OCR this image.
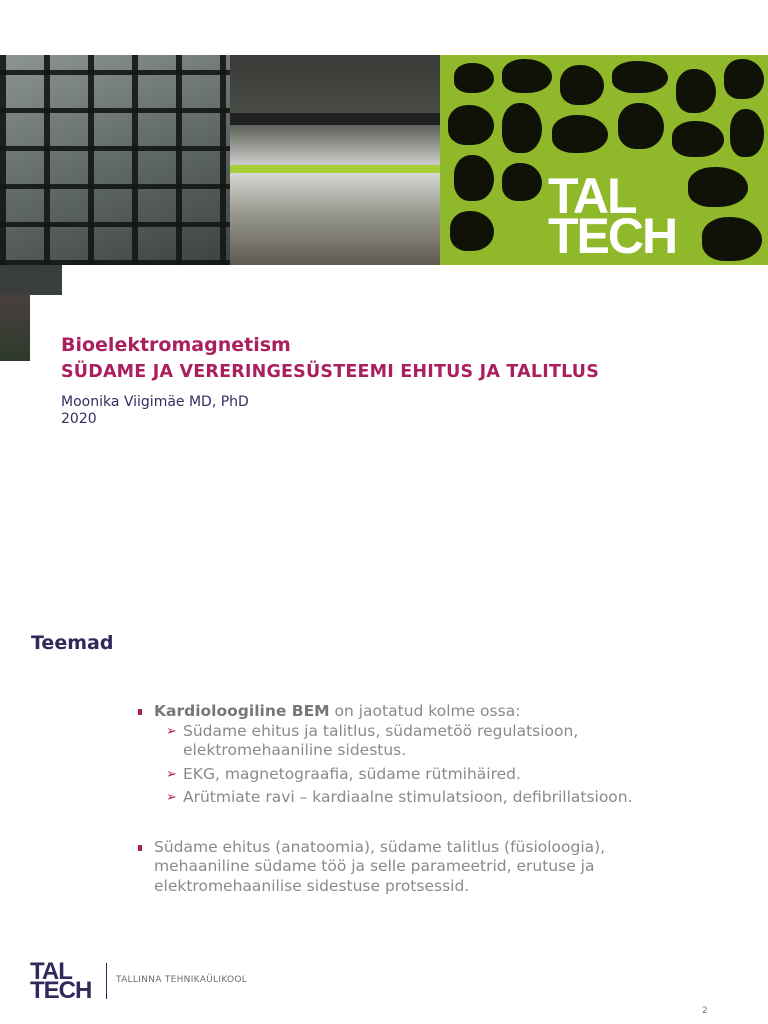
TAL
TECH

Bioelektromagnetism

SÜDAME JA VERERINGESÜSTEEMI EHITUS JA TALITLUS

Moonika Viigimäe MD, PhD

2020

Teemad
Kardioloogiline BEM on jaotatud kolme ossa:
➢ Südame ehitus ja talitlus, südametöö regulatsioon, elektromehaaniline sidestus.
➢ EKG, magnetograafia, südame rütmihäired.
➢ Arütmiate ravi – kardiaalne stimulatsioon, defibrillatsioon.
Südame ehitus (anatoomia), südame talitlus (füsioloogia), mehaaniline südame töö ja selle parameetrid, erutuse ja elektromehaanilise sidestuse protsessid.
TAL
TECH	TALLINNA TEHNIKAÜLIKOOL
2
